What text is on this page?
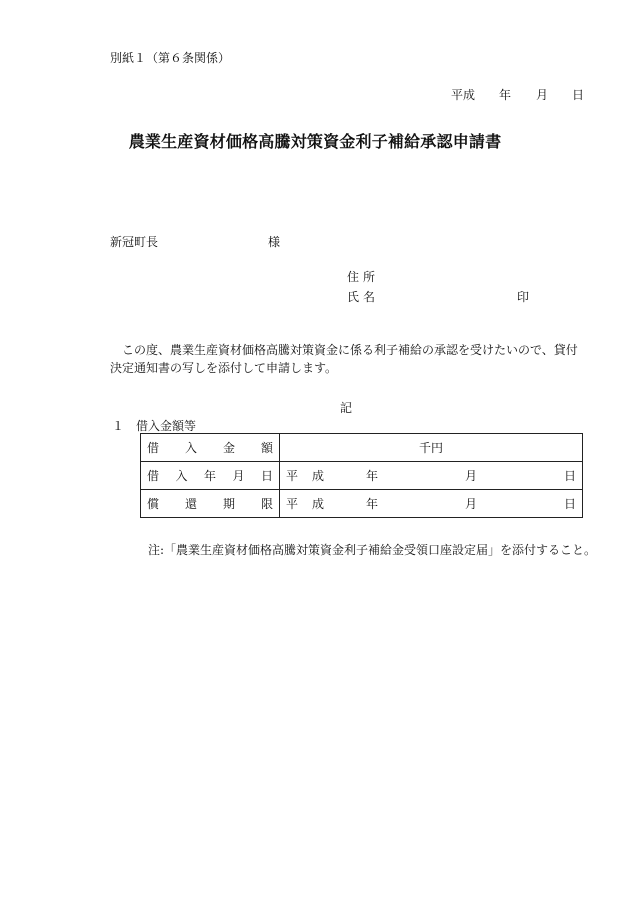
別紙１（第６条関係）
平成 年 月 日
農業生産資材価格高騰対策資金利子補給承認申請書
新冠町長	様
住所
氏名	印
この度、農業生産資材価格高騰対策資金に係る利子補給の承認を受けたいので、貸付決定通知書の写しを添付して申請します。
記
１　借入金額等
借入金額	千円

借入年月日	平成 年 月 日

償還期限	平成 年 月 日
注:「農業生産資材価格高騰対策資金利子補給金受領口座設定届」を添付すること。
